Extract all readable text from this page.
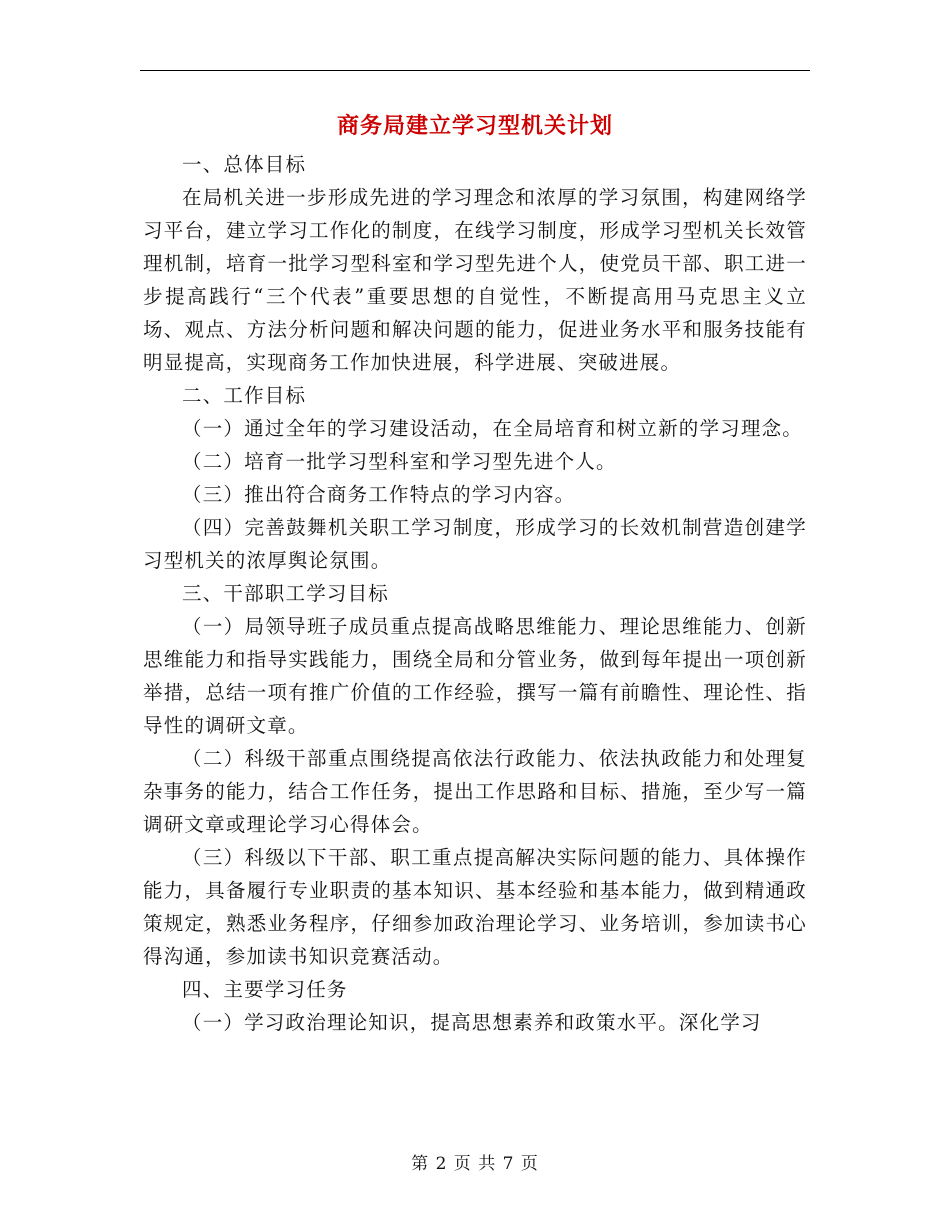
商务局建立学习型机关计划

一、总体目标

在局机关进一步形成先进的学习理念和浓厚的学习氛围，构建网络学习平台，建立学习工作化的制度，在线学习制度，形成学习型机关长效管理机制，培育一批学习型科室和学习型先进个人，使党员干部、职工进一步提高践行“三个代表”重要思想的自觉性，不断提高用马克思主义立场、观点、方法分析问题和解决问题的能力，促进业务水平和服务技能有明显提高，实现商务工作加快进展，科学进展、突破进展。

二、工作目标

（一）通过全年的学习建设活动，在全局培育和树立新的学习理念。

（二）培育一批学习型科室和学习型先进个人。

（三）推出符合商务工作特点的学习内容。

（四）完善鼓舞机关职工学习制度，形成学习的长效机制营造创建学习型机关的浓厚舆论氛围。

三、干部职工学习目标

（一）局领导班子成员重点提高战略思维能力、理论思维能力、创新思维能力和指导实践能力，围绕全局和分管业务，做到每年提出一项创新举措，总结一项有推广价值的工作经验，撰写一篇有前瞻性、理论性、指导性的调研文章。

（二）科级干部重点围绕提高依法行政能力、依法执政能力和处理复杂事务的能力，结合工作任务，提出工作思路和目标、措施，至少写一篇调研文章或理论学习心得体会。

（三）科级以下干部、职工重点提高解决实际问题的能力、具体操作能力，具备履行专业职责的基本知识、基本经验和基本能力，做到精通政策规定，熟悉业务程序，仔细参加政治理论学习、业务培训，参加读书心得沟通，参加读书知识竞赛活动。

四、主要学习任务

（一）学习政治理论知识，提高思想素养和政策水平。深化学习

第 2 页 共 7 页
